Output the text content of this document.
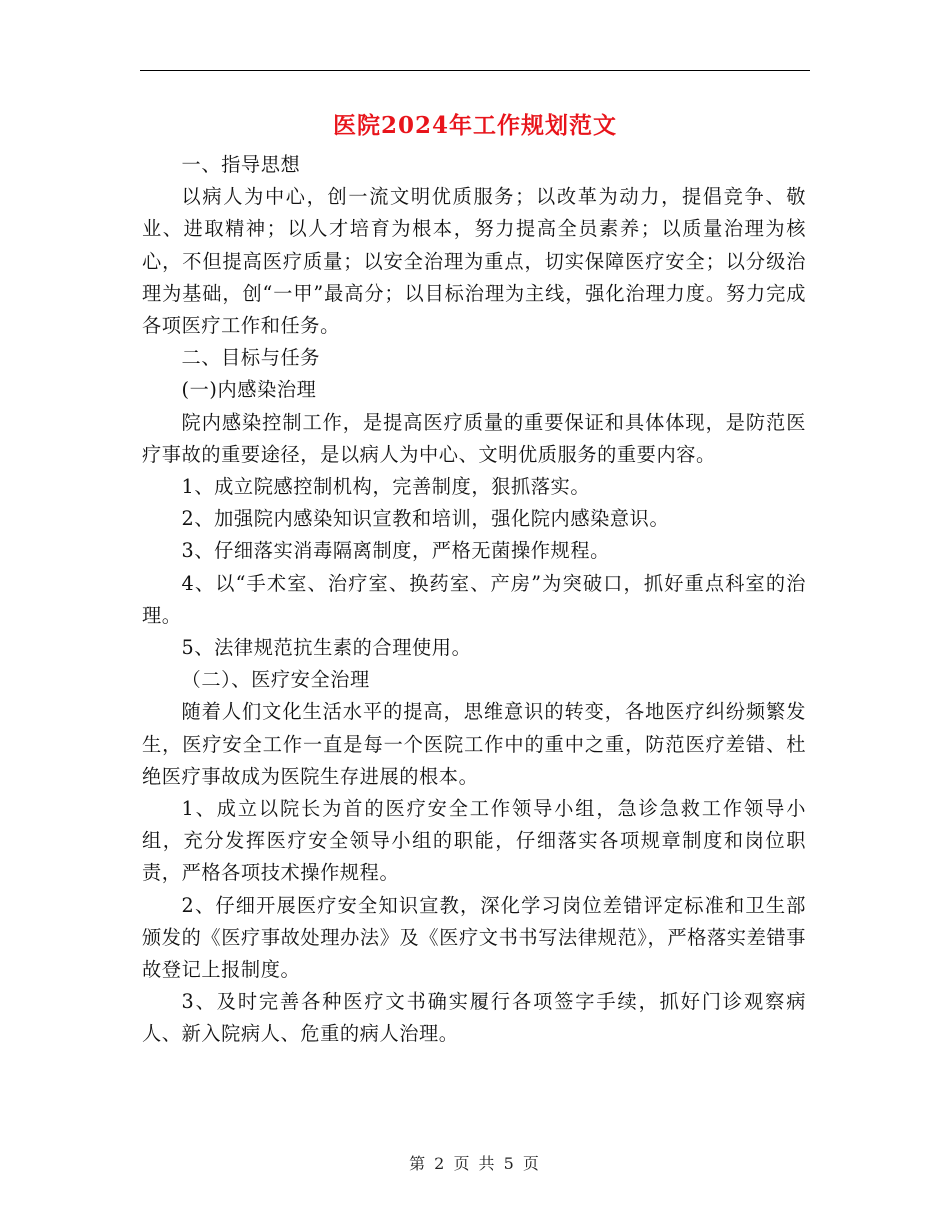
医院2024年工作规划范文

一、指导思想

以病人为中心，创一流文明优质服务；以改革为动力，提倡竞争、敬业、进取精神；以人才培育为根本，努力提高全员素养；以质量治理为核心，不但提高医疗质量；以安全治理为重点，切实保障医疗安全；以分级治理为基础，创“一甲”最高分；以目标治理为主线，强化治理力度。努力完成各项医疗工作和任务。

二、目标与任务

(一)内感染治理

院内感染控制工作，是提高医疗质量的重要保证和具体体现，是防范医疗事故的重要途径，是以病人为中心、文明优质服务的重要内容。

1、成立院感控制机构，完善制度，狠抓落实。

2、加强院内感染知识宣教和培训，强化院内感染意识。

3、仔细落实消毒隔离制度，严格无菌操作规程。

4、以“手术室、治疗室、换药室、产房”为突破口，抓好重点科室的治理。

5、法律规范抗生素的合理使用。

（二）、医疗安全治理

随着人们文化生活水平的提高，思维意识的转变，各地医疗纠纷频繁发生，医疗安全工作一直是每一个医院工作中的重中之重，防范医疗差错、杜绝医疗事故成为医院生存进展的根本。

1、成立以院长为首的医疗安全工作领导小组，急诊急救工作领导小组，充分发挥医疗安全领导小组的职能，仔细落实各项规章制度和岗位职责，严格各项技术操作规程。

2、仔细开展医疗安全知识宣教，深化学习岗位差错评定标准和卫生部颁发的《医疗事故处理办法》及《医疗文书书写法律规范》，严格落实差错事故登记上报制度。

3、及时完善各种医疗文书确实履行各项签字手续，抓好门诊观察病人、新入院病人、危重的病人治理。

第 2 页 共 5 页
